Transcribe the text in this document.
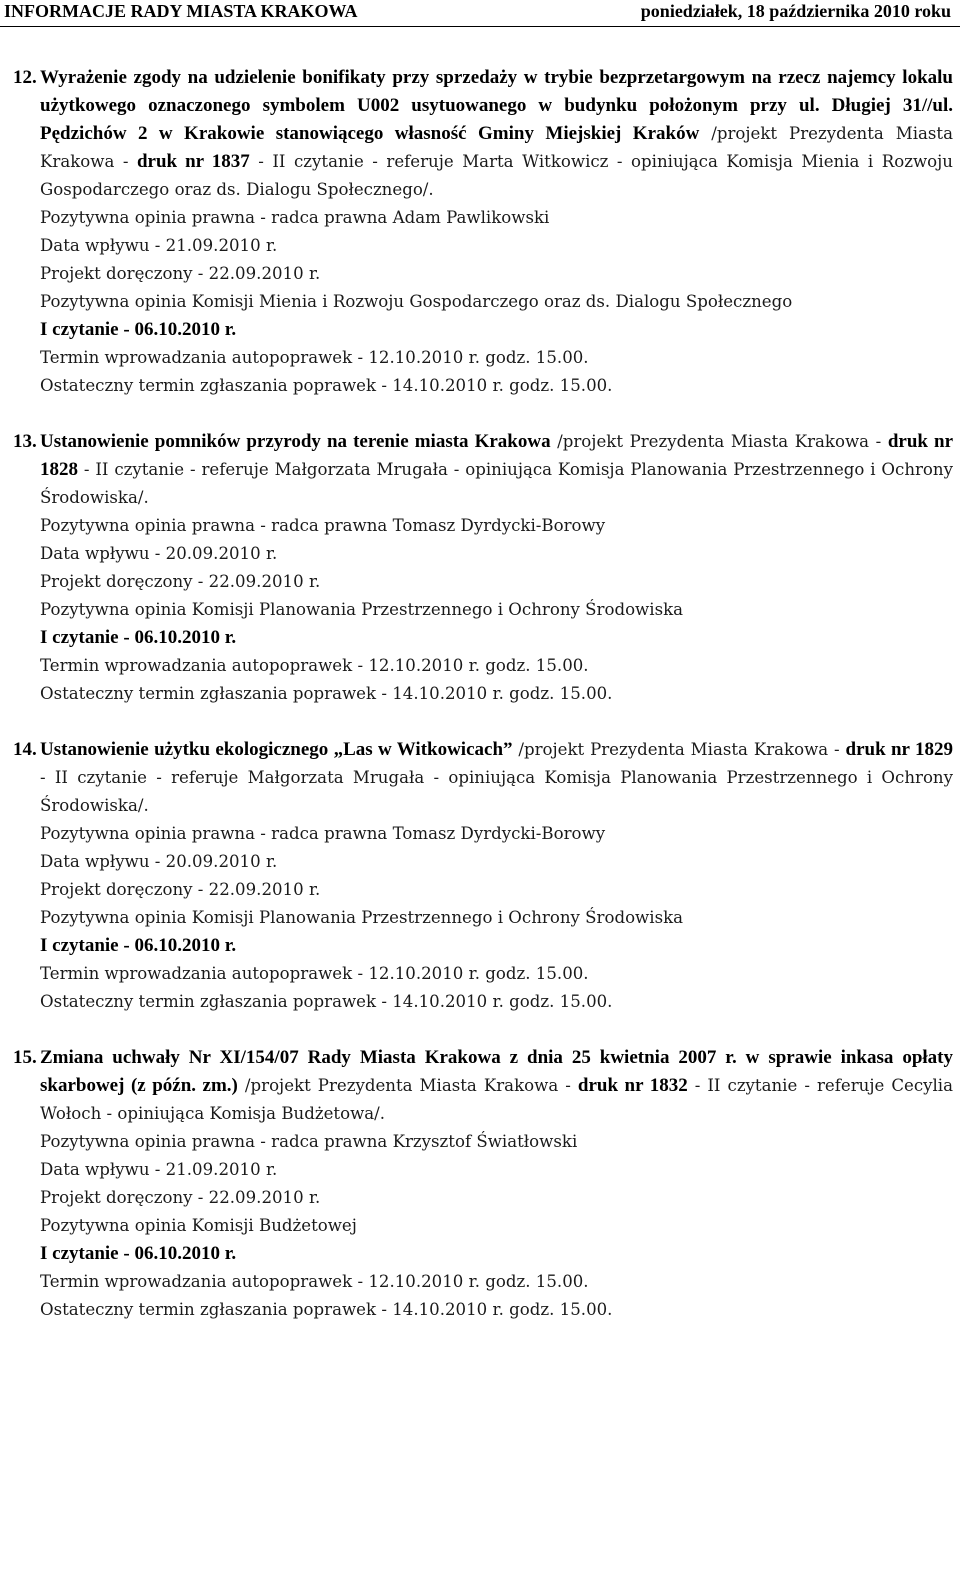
INFORMACJE RADY MIASTA KRAKOWA	poniedziałek, 18 października 2010 roku
12. Wyrażenie zgody na udzielenie bonifikaty przy sprzedaży w trybie bezprzetargowym na rzecz najemcy lokalu użytkowego oznaczonego symbolem U002 usytuowanego w budynku położonym przy ul. Długiej 31//ul. Pędzichów 2 w Krakowie stanowiącego własność Gminy Miejskiej Kraków /projekt Prezydenta Miasta Krakowa - druk nr 1837 - II czytanie - referuje Marta Witkowicz - opiniująca Komisja Mienia i Rozwoju Gospodarczego oraz ds. Dialogu Społecznego/.

Pozytywna opinia prawna - radca prawna Adam Pawlikowski
Data wpływu - 21.09.2010 r.
Projekt doręczony - 22.09.2010 r.
Pozytywna opinia Komisji Mienia i Rozwoju Gospodarczego oraz ds. Dialogu Społecznego
I czytanie - 06.10.2010 r.
Termin wprowadzania autopoprawek - 12.10.2010 r. godz. 15.00.
Ostateczny termin zgłaszania poprawek - 14.10.2010 r. godz. 15.00.
13. Ustanowienie pomników przyrody na terenie miasta Krakowa /projekt Prezydenta Miasta Krakowa - druk nr 1828 - II czytanie - referuje Małgorzata Mrugała - opiniująca Komisja Planowania Przestrzennego i Ochrony Środowiska/.

Pozytywna opinia prawna - radca prawna Tomasz Dyrdycki-Borowy
Data wpływu - 20.09.2010 r.
Projekt doręczony - 22.09.2010 r.
Pozytywna opinia Komisji Planowania Przestrzennego i Ochrony Środowiska
I czytanie - 06.10.2010 r.
Termin wprowadzania autopoprawek - 12.10.2010 r. godz. 15.00.
Ostateczny termin zgłaszania poprawek - 14.10.2010 r. godz. 15.00.
14. Ustanowienie użytku ekologicznego „Las w Witkowicach” /projekt Prezydenta Miasta Krakowa - druk nr 1829 - II czytanie - referuje Małgorzata Mrugała - opiniująca Komisja Planowania Przestrzennego i Ochrony Środowiska/.

Pozytywna opinia prawna - radca prawna Tomasz Dyrdycki-Borowy
Data wpływu - 20.09.2010 r.
Projekt doręczony - 22.09.2010 r.
Pozytywna opinia Komisji Planowania Przestrzennego i Ochrony Środowiska
I czytanie - 06.10.2010 r.
Termin wprowadzania autopoprawek - 12.10.2010 r. godz. 15.00.
Ostateczny termin zgłaszania poprawek - 14.10.2010 r. godz. 15.00.
15. Zmiana uchwały Nr XI/154/07 Rady Miasta Krakowa z dnia 25 kwietnia 2007 r. w sprawie inkasa opłaty skarbowej (z późn. zm.) /projekt Prezydenta Miasta Krakowa - druk nr 1832 - II czytanie - referuje Cecylia Wołoch - opiniująca Komisja Budżetowa/.

Pozytywna opinia prawna - radca prawna Krzysztof Światłowski
Data wpływu - 21.09.2010 r.
Projekt doręczony - 22.09.2010 r.
Pozytywna opinia Komisji Budżetowej
I czytanie - 06.10.2010 r.
Termin wprowadzania autopoprawek - 12.10.2010 r. godz. 15.00.
Ostateczny termin zgłaszania poprawek - 14.10.2010 r. godz. 15.00.
